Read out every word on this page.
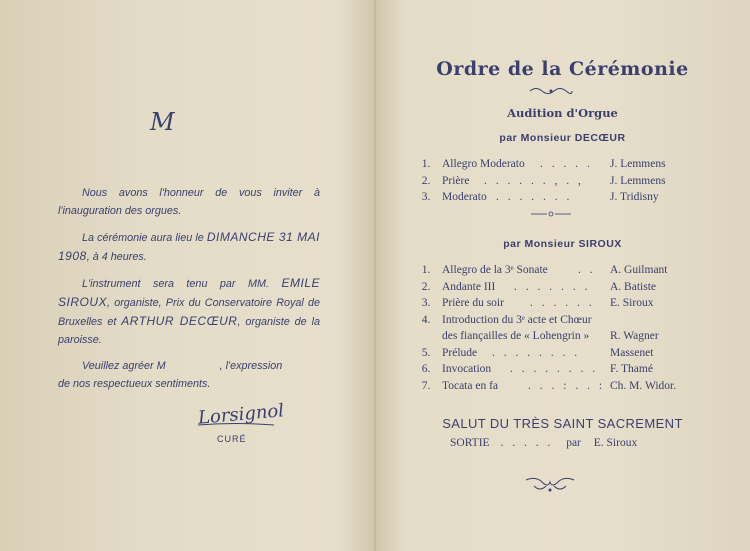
M

Nous avons l'honneur de vous inviter à l'inauguration des orgues.

La cérémonie aura lieu le DIMANCHE 31 MAI 1908, à 4 heures.

L'instrument sera tenu par MM. EMILE SIROUX, organiste, Prix du Conservatoire Royal de Bruxelles et ARTHUR DECŒUR, organiste de la paroisse.

Veuillez agréer M	, l'expression

de nos respectueux sentiments.

Lorsignol
CURÉ
Ordre de la Cérémonie
Audition d'Orgue
par Monsieur DECŒUR
1.	Allegro Moderato . . . . . J. Lemmens
2.	Prière . . . . . . , . , J. Lemmens
3.	Moderato . . . . . . .	J. Tridisny
par Monsieur SIROUX
1.	Allegro de la 3ᵉ Sonate	. . A. Guilmant
2.	Andante III . . . . . . . A. Batiste
3.	Prière du soir . . . . . . E. Siroux
4.	Introduction du 3ᵉ acte et Chœur
des fiançailles de « Lohengrin » R. Wagner
5.	Prélude . . . . . . . .	Massenet
6.	Invocation . . . . . . . . F. Thamé
7.	Tocata en fa	. . . : . . : Ch. M. Widor.
SALUT DU TRÈS SAINT SACREMENT
SORTIE . . . . . par E. Siroux
